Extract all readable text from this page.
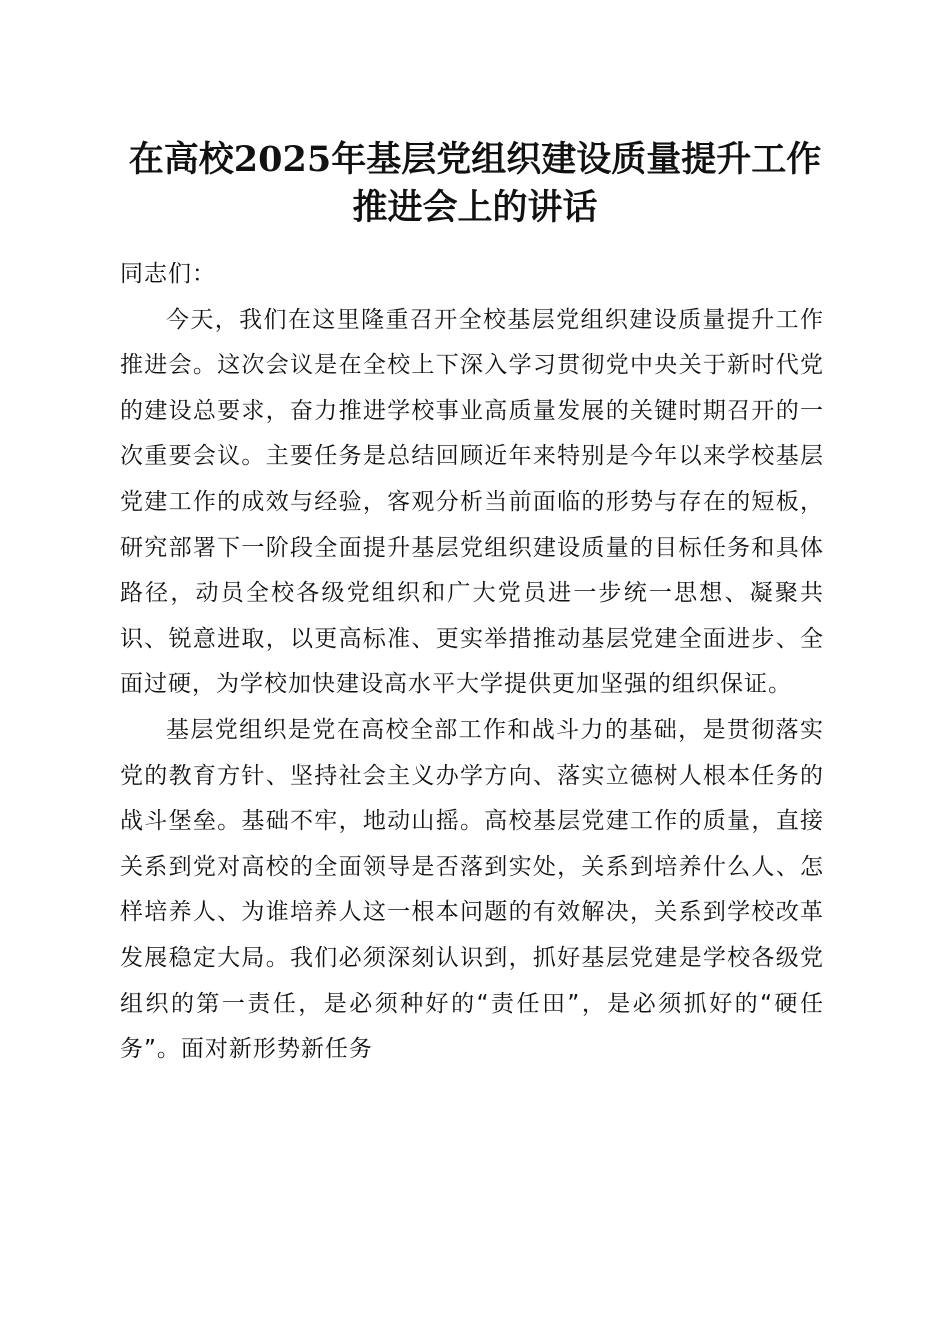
在高校2025年基层党组织建设质量提升工作
推进会上的讲话

同志们：

今天，我们在这里隆重召开全校基层党组织建设质量提升工作推进会。这次会议是在全校上下深入学习贯彻党中央关于新时代党的建设总要求，奋力推进学校事业高质量发展的关键时期召开的一次重要会议。主要任务是总结回顾近年来特别是今年以来学校基层党建工作的成效与经验，客观分析当前面临的形势与存在的短板，研究部署下一阶段全面提升基层党组织建设质量的目标任务和具体路径，动员全校各级党组织和广大党员进一步统一思想、凝聚共识、锐意进取，以更高标准、更实举措推动基层党建全面进步、全面过硬，为学校加快建设高水平大学提供更加坚强的组织保证。

基层党组织是党在高校全部工作和战斗力的基础，是贯彻落实党的教育方针、坚持社会主义办学方向、落实立德树人根本任务的战斗堡垒。基础不牢，地动山摇。高校基层党建工作的质量，直接关系到党对高校的全面领导是否落到实处，关系到培养什么人、怎样培养人、为谁培养人这一根本问题的有效解决，关系到学校改革发展稳定大局。我们必须深刻认识到，抓好基层党建是学校各级党组织的第一责任，是必须种好的“责任田”，是必须抓好的“硬任务”。面对新形势新任务
